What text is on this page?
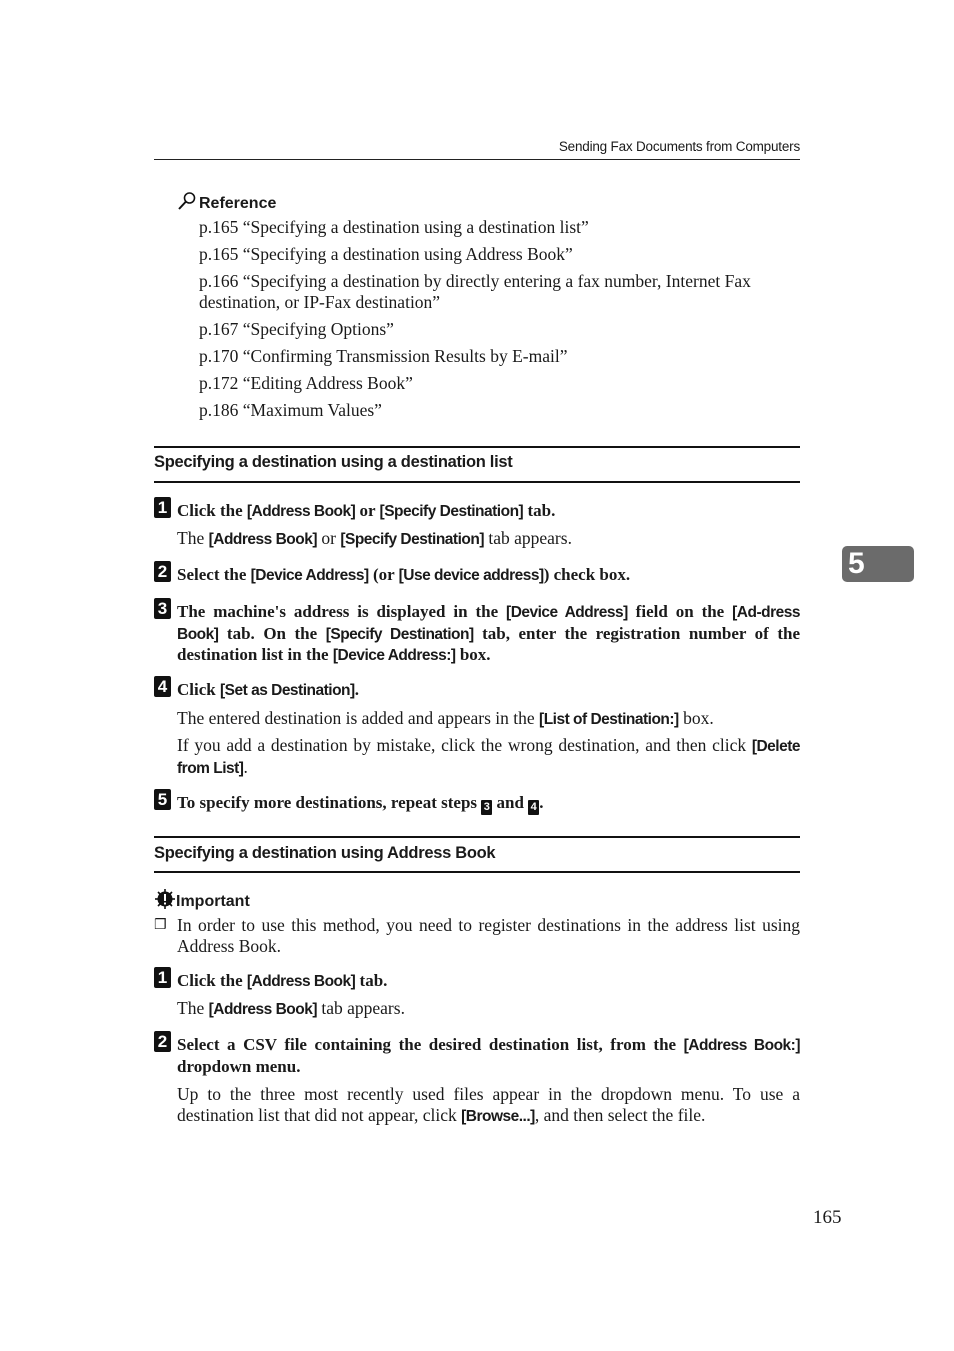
Sending Fax Documents from Computers
5
Reference
p.165 “Specifying a destination using a destination list”
p.165 “Specifying a destination using Address Book”
p.166 “Specifying a destination by directly entering a fax number, Internet Fax destination, or IP-Fax destination”
p.167 “Specifying Options”
p.170 “Confirming Transmission Results by E-mail”
p.172 “Editing Address Book”
p.186 “Maximum Values”
Specifying a destination using a destination list
1 Click the [Address Book] or [Specify Destination] tab.
The [Address Book] or [Specify Destination] tab appears.
2 Select the [Device Address] (or [Use device address]) check box.
3 The machine's address is displayed in the [Device Address] field on the [Ad-dress Book] tab. On the [Specify Destination] tab, enter the registration number of the destination list in the [Device Address:] box.
4 Click [Set as Destination].
The entered destination is added and appears in the [List of Destination:] box.
If you add a destination by mistake, click the wrong destination, and then click [Delete from List].
5 To specify more destinations, repeat steps 3 and 4 .
Specifying a destination using Address Book
Important
❒ In order to use this method, you need to register destinations in the address list using Address Book.
1 Click the [Address Book] tab.
The [Address Book] tab appears.
2 Select a CSV file containing the desired destination list, from the [Address Book:] dropdown menu.
Up to the three most recently used files appear in the dropdown menu. To use a destination list that did not appear, click [Browse...], and then select the file.
165
